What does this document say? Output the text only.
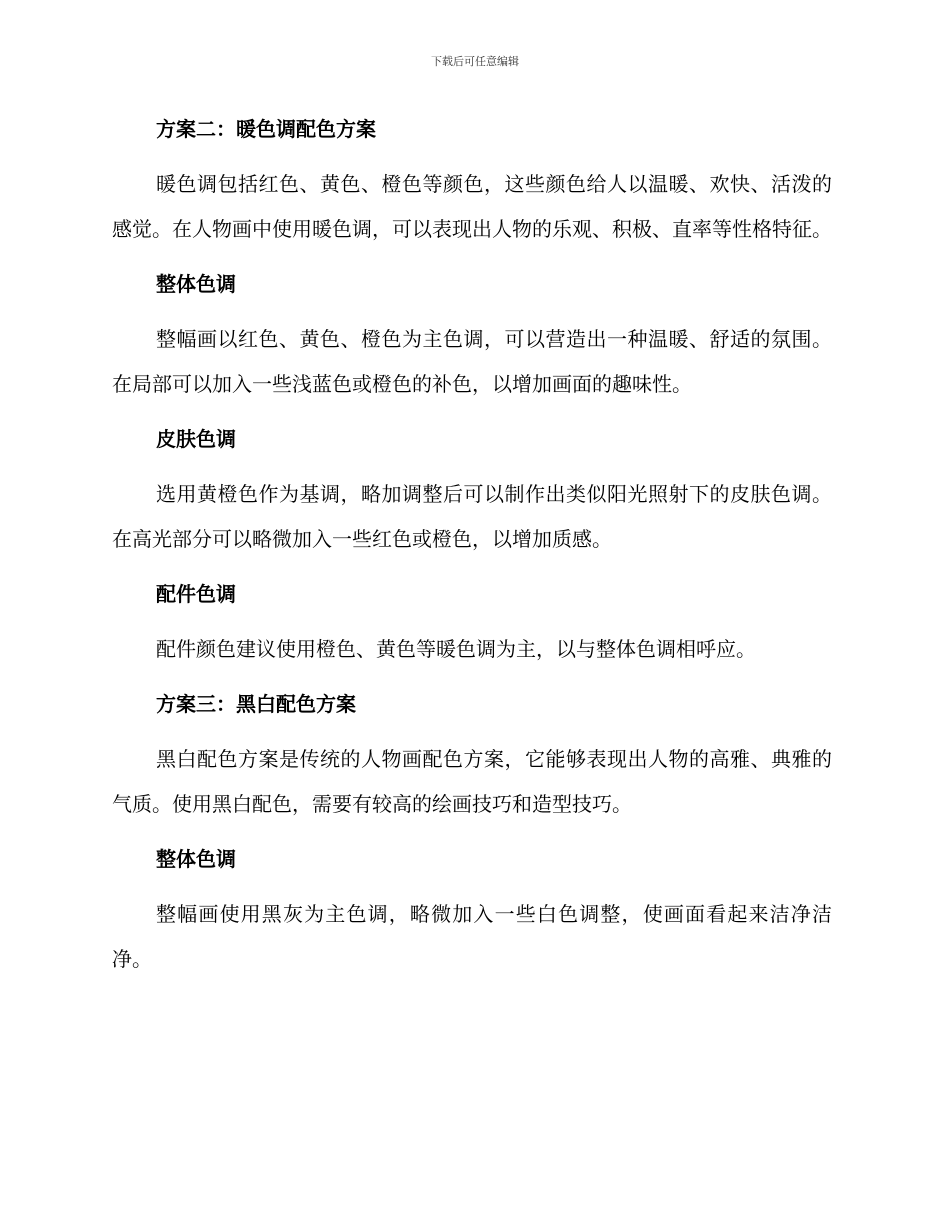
下载后可任意编辑
方案二：暖色调配色方案

暖色调包括红色、黄色、橙色等颜色，这些颜色给人以温暖、欢快、活泼的感觉。在人物画中使用暖色调，可以表现出人物的乐观、积极、直率等性格特征。

整体色调

整幅画以红色、黄色、橙色为主色调，可以营造出一种温暖、舒适的氛围。在局部可以加入一些浅蓝色或橙色的补色，以增加画面的趣味性。

皮肤色调

选用黄橙色作为基调，略加调整后可以制作出类似阳光照射下的皮肤色调。在高光部分可以略微加入一些红色或橙色，以增加质感。

配件色调

配件颜色建议使用橙色、黄色等暖色调为主，以与整体色调相呼应。

方案三：黑白配色方案

黑白配色方案是传统的人物画配色方案，它能够表现出人物的高雅、典雅的气质。使用黑白配色，需要有较高的绘画技巧和造型技巧。

整体色调

整幅画使用黑灰为主色调，略微加入一些白色调整，使画面看起来洁净洁净。
